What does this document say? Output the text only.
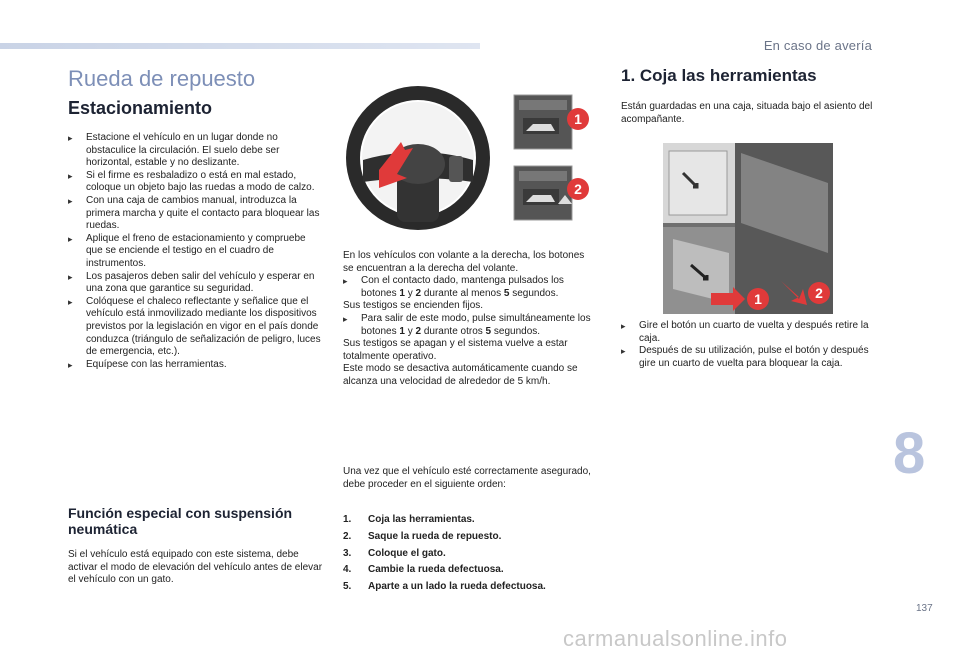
En caso de avería
8
137
carmanualsonline.info
Rueda de repuesto
Estacionamiento
▸ Estacione el vehículo en un lugar donde no obstaculice la circulación. El suelo debe ser horizontal, estable y no deslizante.
▸ Si el firme es resbaladizo o está en mal estado, coloque un objeto bajo las ruedas a modo de calzo.
▸ Con una caja de cambios manual, introduzca la primera marcha y quite el contacto para bloquear las ruedas.
▸ Aplique el freno de estacionamiento y compruebe que se enciende el testigo en el cuadro de instrumentos.
▸ Los pasajeros deben salir del vehículo y esperar en una zona que garantice su seguridad.
▸ Colóquese el chaleco reflectante y señalice que el vehículo está inmovilizado mediante los dispositivos previstos por la legislación en vigor en el país donde conduzca (triángulo de señalización de peligro, luces de emergencia, etc.).
▸ Equípese con las herramientas.
Función especial con suspensión neumática
Si el vehículo está equipado con este sistema, debe activar el modo de elevación del vehículo antes de elevar el vehículo con un gato.
1
2
En los vehículos con volante a la derecha, los botones se encuentran a la derecha del volante.
▸ Con el contacto dado, mantenga pulsados los botones 1 y 2 durante al menos 5 segundos.
Sus testigos se encienden fijos.
▸ Para salir de este modo, pulse simultáneamente los botones 1 y 2 durante otros 5 segundos.
Sus testigos se apagan y el sistema vuelve a estar totalmente operativo.
Este modo se desactiva automáticamente cuando se alcanza una velocidad de alrededor de 5 km/h.
Una vez que el vehículo esté correctamente asegurado, debe proceder en el siguiente orden:
1. Coja las herramientas.
2. Saque la rueda de repuesto.
3. Coloque el gato.
4. Cambie la rueda defectuosa.
5. Aparte a un lado la rueda defectuosa.
1. Coja las herramientas
Están guardadas en una caja, situada bajo el asiento del acompañante.
1	2
▸ Gire el botón un cuarto de vuelta y después retire la caja.
▸ Después de su utilización, pulse el botón y después gire un cuarto de vuelta para bloquear la caja.
